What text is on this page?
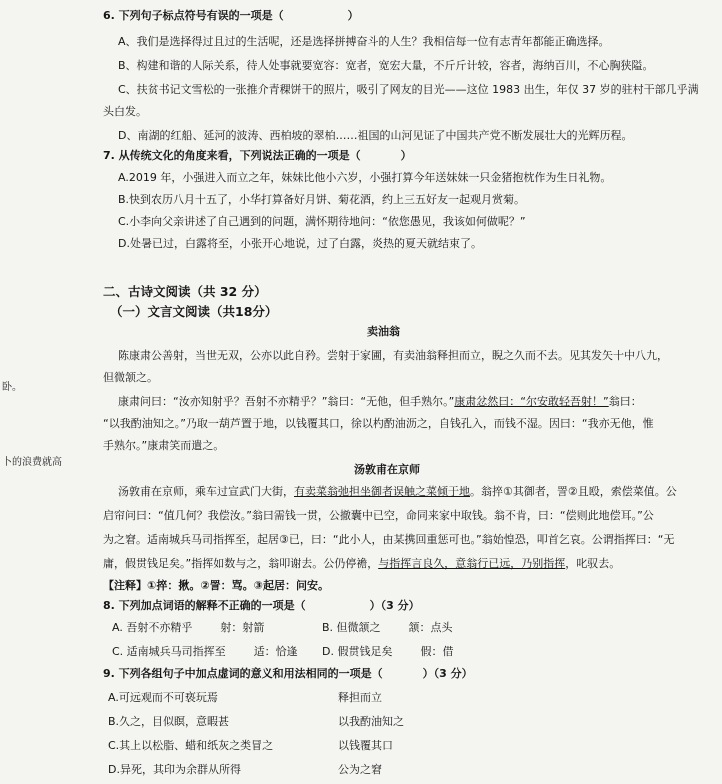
卧。
卜的浪费就高
6. 下列句子标点符号有误的一项是（	）
A、我们是选择得过且过的生活呢，还是选择拼搏奋斗的人生？我相信每一位有志青年都能正确选择。
B、构建和谐的人际关系，待人处事就要宽容：宽者，宽宏大量，不斤斤计较，容者，海纳百川，不心胸狭隘。
C、扶贫书记文雪松的一张推介青稞饼干的照片，吸引了网友的目光——这位 1983 出生，年仅 37 岁的驻村干部几乎满
头白发。
D、南湖的红船、延河的波涛、西柏坡的翠柏……祖国的山河见证了中国共产党不断发展壮大的光辉历程。
7. 从传统文化的角度来看，下列说法正确的一项是（	）
A.2019 年，小强进入而立之年，妹妹比他小六岁，小强打算今年送妹妹一只金猪抱枕作为生日礼物。
B.快到农历八月十五了，小华打算备好月饼、菊花酒，约上三五好友一起观月赏菊。
C.小李向父亲讲述了自己遇到的问题，满怀期待地问：“依您愚见，我该如何做呢？”
D.处暑已过，白露将至，小张开心地说，过了白露，炎热的夏天就结束了。
二、古诗文阅读（共 32 分）
（一）文言文阅读（共18分）
卖油翁
陈康肃公善射，当世无双，公亦以此自矜。尝射于家圃，有卖油翁释担而立，睨之久而不去。见其发矢十中八九，
但微颔之。
康肃问曰：“汝亦知射乎？吾射不亦精乎？”翁曰：“无他，但手熟尔。”康肃忿然曰：“尔安敢轻吾射！”翁曰：
“以我酌油知之。”乃取一葫芦置于地，以钱覆其口，徐以杓酌油沥之，自钱孔入，而钱不湿。因曰：“我亦无他，惟
手熟尔。”康肃笑而遣之。
汤敦甫在京师
汤敦甫在京师，乘车过宣武门大街，有卖菜翁弛担坐御者误触之菜倾于地。翁捽①其御者，詈②且殴，索偿菜值。公
启帘问曰：“值几何？我偿汝。”翁曰需钱一贯，公撤囊中已空，命同来家中取钱。翁不肯，曰：“偿则此地偿耳。”公
为之窘。适南城兵马司指挥至，起居③已，曰：“此小人，由某携回重惩可也。”翁始惶恐，叩首乞哀。公谓指挥曰：“无
庸，假贯钱足矣。”指挥如数与之，翁叩谢去。公仍停襜，与指挥言良久，意翁行已远，乃别指挥，叱驭去。
【注释】①捽：揪。②詈：骂。③起居：问安。
8. 下列加点词语的解释不正确的一项是（	）（3 分）
A. 吾射不亦精乎	射：射箭	B. 但微颔之	颔：点头
C. 适南城兵马司指挥至	适：恰逢 D. 假贯钱足矣	假：借
9. 下列各组句子中加点虚词的意义和用法相同的一项是（	）（3 分）
A.可远观而不可亵玩焉	释担而立
B.久之，目似瞑，意暇甚	以我酌油知之
C.其上以松脂、蜡和纸灰之类冒之	以钱覆其口
D.异死，其印为余群从所得	公为之窘
